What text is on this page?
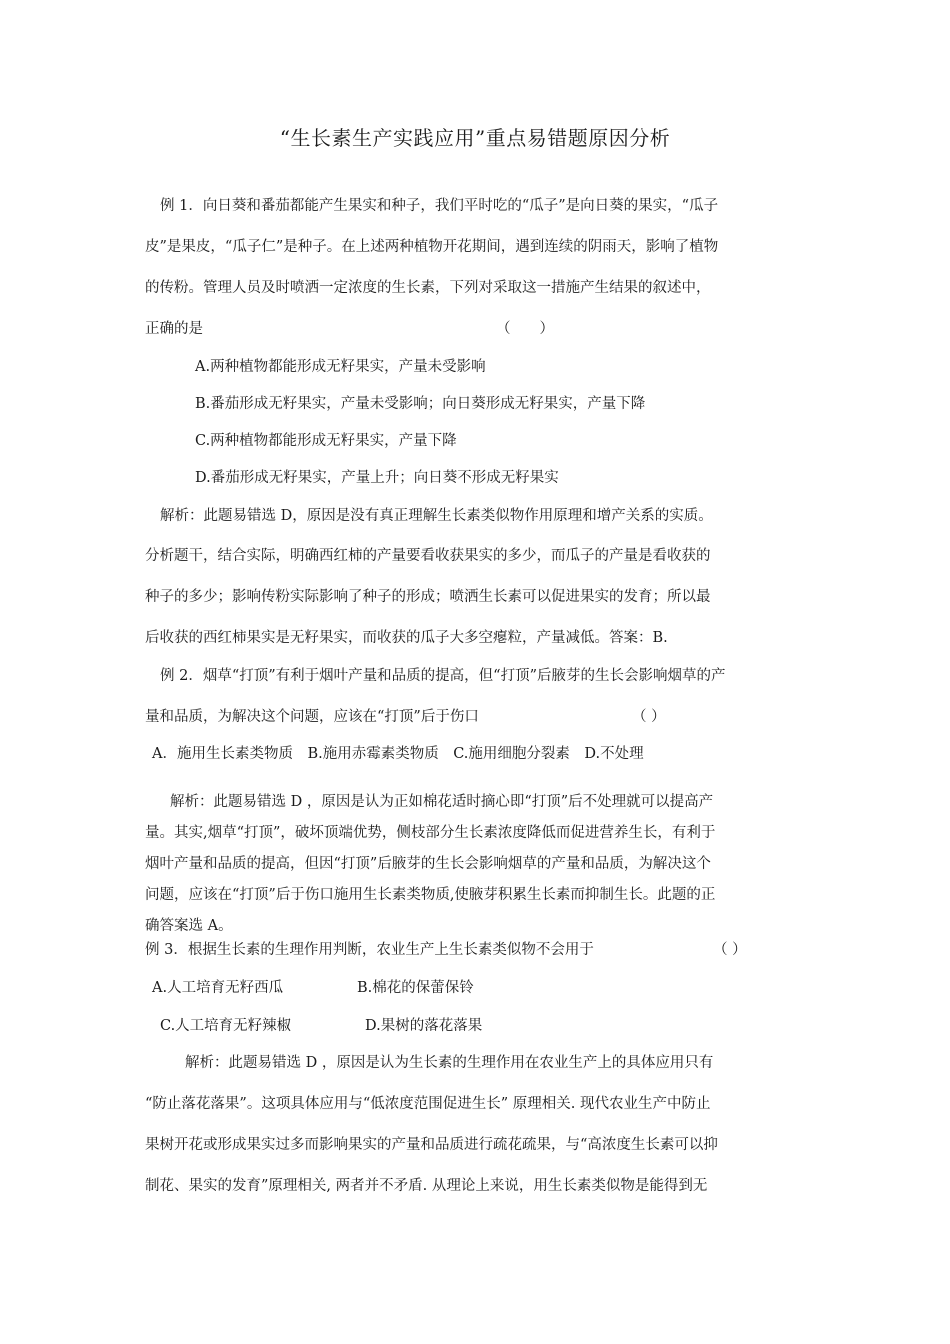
“生长素生产实践应用”重点易错题原因分析
例 1．向日葵和番茄都能产生果实和种子，我们平时吃的“瓜子”是向日葵的果实，“瓜子
皮”是果皮，“瓜子仁”是种子。在上述两种植物开花期间，遇到连续的阴雨天，影响了植物
的传粉。管理人员及时喷洒一定浓度的生长素，下列对采取这一措施产生结果的叙述中，
正确的是	（　　）
A.两种植物都能形成无籽果实，产量未受影响
B.番茄形成无籽果实，产量未受影响；向日葵形成无籽果实，产量下降
C.两种植物都能形成无籽果实，产量下降
D.番茄形成无籽果实，产量上升；向日葵不形成无籽果实
解析：此题易错选 D，原因是没有真正理解生长素类似物作用原理和增产关系的实质。
分析题干，结合实际，明确西红柿的产量要看收获果实的多少，而瓜子的产量是看收获的
种子的多少；影响传粉实际影响了种子的形成；喷洒生长素可以促进果实的发育；所以最
后收获的西红柿果实是无籽果实，而收获的瓜子大多空瘪粒，产量减低。答案：B.
例 2．烟草“打顶”有利于烟叶产量和品质的提高，但“打顶”后腋芽的生长会影响烟草的产
量和品质，为解决这个问题，应该在“打顶”后于伤口	（ ）
A．施用生长素类物质　B.施用赤霉素类物质　C.施用细胞分裂素　D.不处理
解析：此题易错选 D ，原因是认为正如棉花适时摘心即“打顶”后不处理就可以提高产
量。其实,烟草“打顶”，破坏顶端优势，侧枝部分生长素浓度降低而促进营养生长，有利于
烟叶产量和品质的提高，但因“打顶”后腋芽的生长会影响烟草的产量和品质，为解决这个
问题，应该在“打顶”后于伤口施用生长素类物质,使腋芽积累生长素而抑制生长。此题的正
确答案选 A。
例 3．根据生长素的生理作用判断，农业生产上生长素类似物不会用于	（ ）
A.人工培育无籽西瓜	B.棉花的保蕾保铃
C.人工培育无籽辣椒	D.果树的落花落果
解析：此题易错选 D ，原因是认为生长素的生理作用在农业生产上的具体应用只有
“防止落花落果”。这项具体应用与“低浓度范围促进生长” 原理相关. 现代农业生产中防止
果树开花或形成果实过多而影响果实的产量和品质进行疏花疏果，与“高浓度生长素可以抑
制花、果实的发育”原理相关, 两者并不矛盾. 从理论上来说，用生长素类似物是能得到无
